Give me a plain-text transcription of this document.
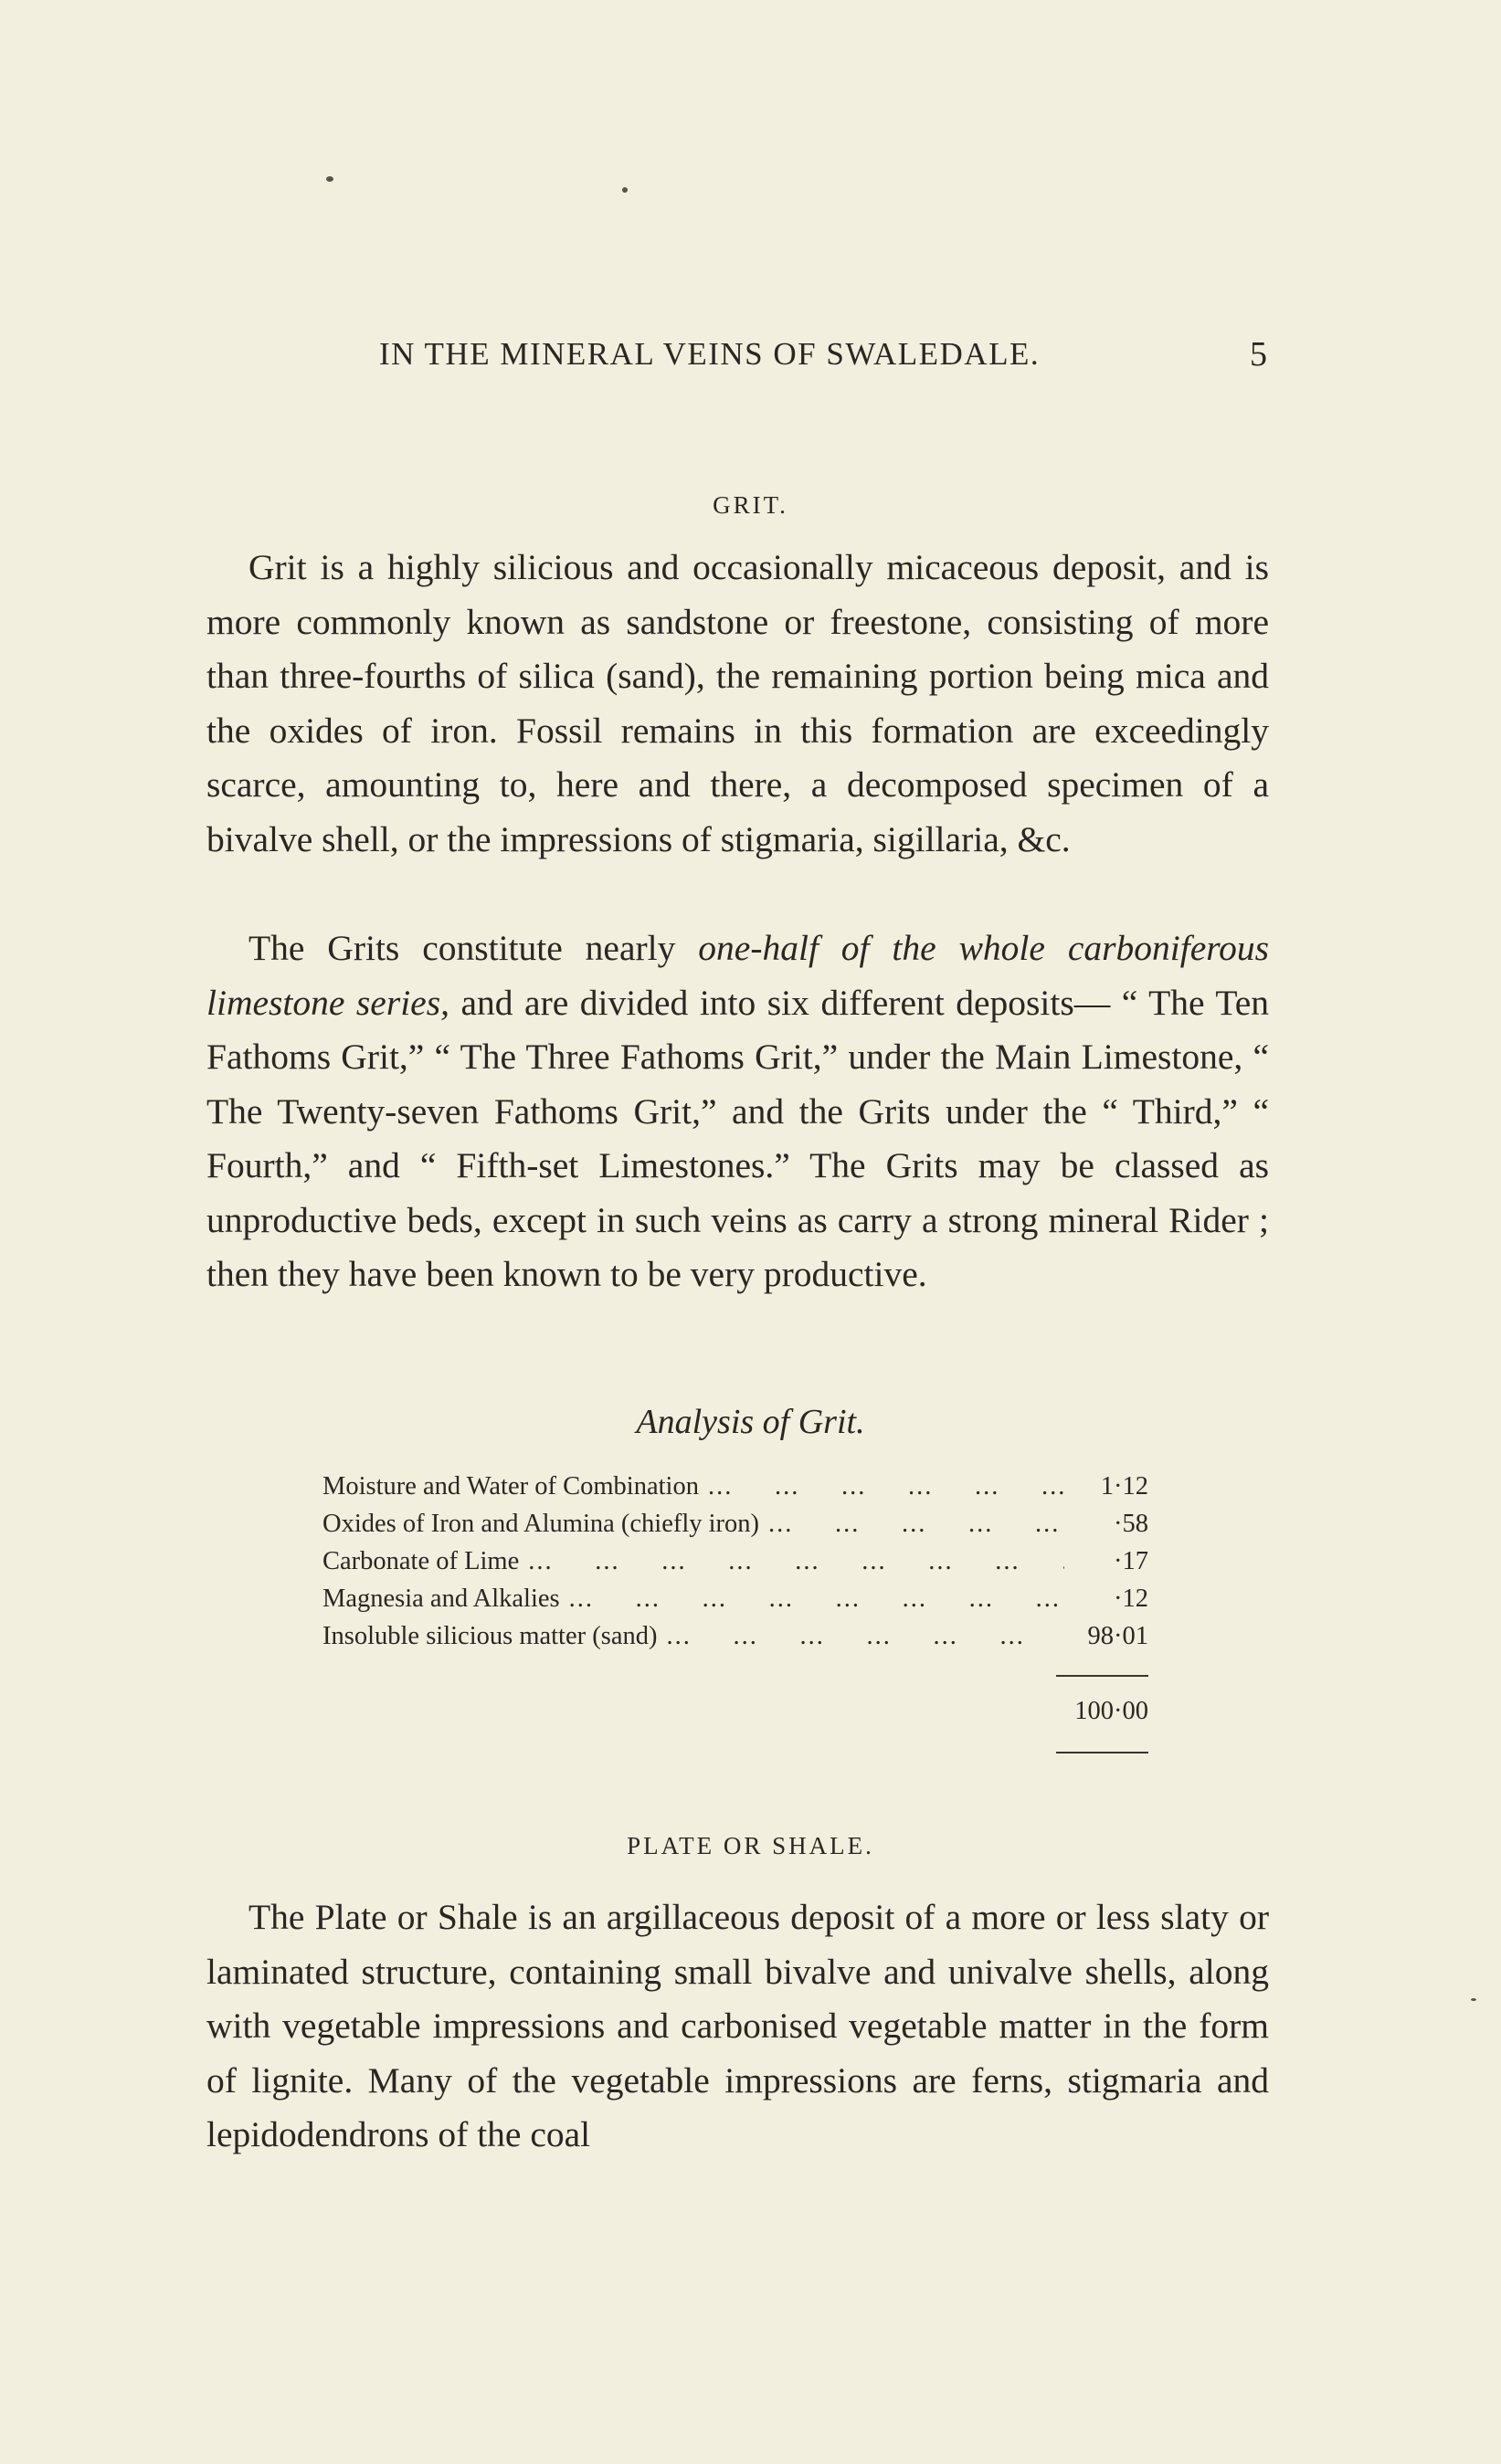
IN THE MINERAL VEINS OF SWALEDALE.	5
GRIT.

Grit is a highly silicious and occasionally micaceous deposit, and is more commonly known as sandstone or freestone, consisting of more than three-fourths of silica (sand), the remaining portion being mica and the oxides of iron. Fossil remains in this formation are exceedingly scarce, amounting to, here and there, a decomposed specimen of a bivalve shell, or the impressions of stigmaria, sigillaria, &c.

The Grits constitute nearly one-half of the whole carboniferous limestone series, and are divided into six different deposits— “ The Ten Fathoms Grit,” “ The Three Fathoms Grit,” under the Main Limestone, “ The Twenty-seven Fathoms Grit,” and the Grits under the “ Third,” “ Fourth,” and “ Fifth-set Limestones.” The Grits may be classed as unproductive beds, except in such veins as carry a strong mineral Rider ; then they have been known to be very productive.

Analysis of Grit.
Moisture and Water of Combination ...	1·12
Oxides of Iron and Alumina (chiefly iron) ...	·58
Carbonate of Lime ...	·17
Magnesia and Alkalies ...	·12
Insoluble silicious matter (sand) ...	98·01
100·00
PLATE OR SHALE.

The Plate or Shale is an argillaceous deposit of a more or less slaty or laminated structure, containing small bivalve and univalve shells, along with vegetable impressions and carbonised vegetable matter in the form of lignite. Many of the vegetable impressions are ferns, stigmaria and lepidodendrons of the coal
